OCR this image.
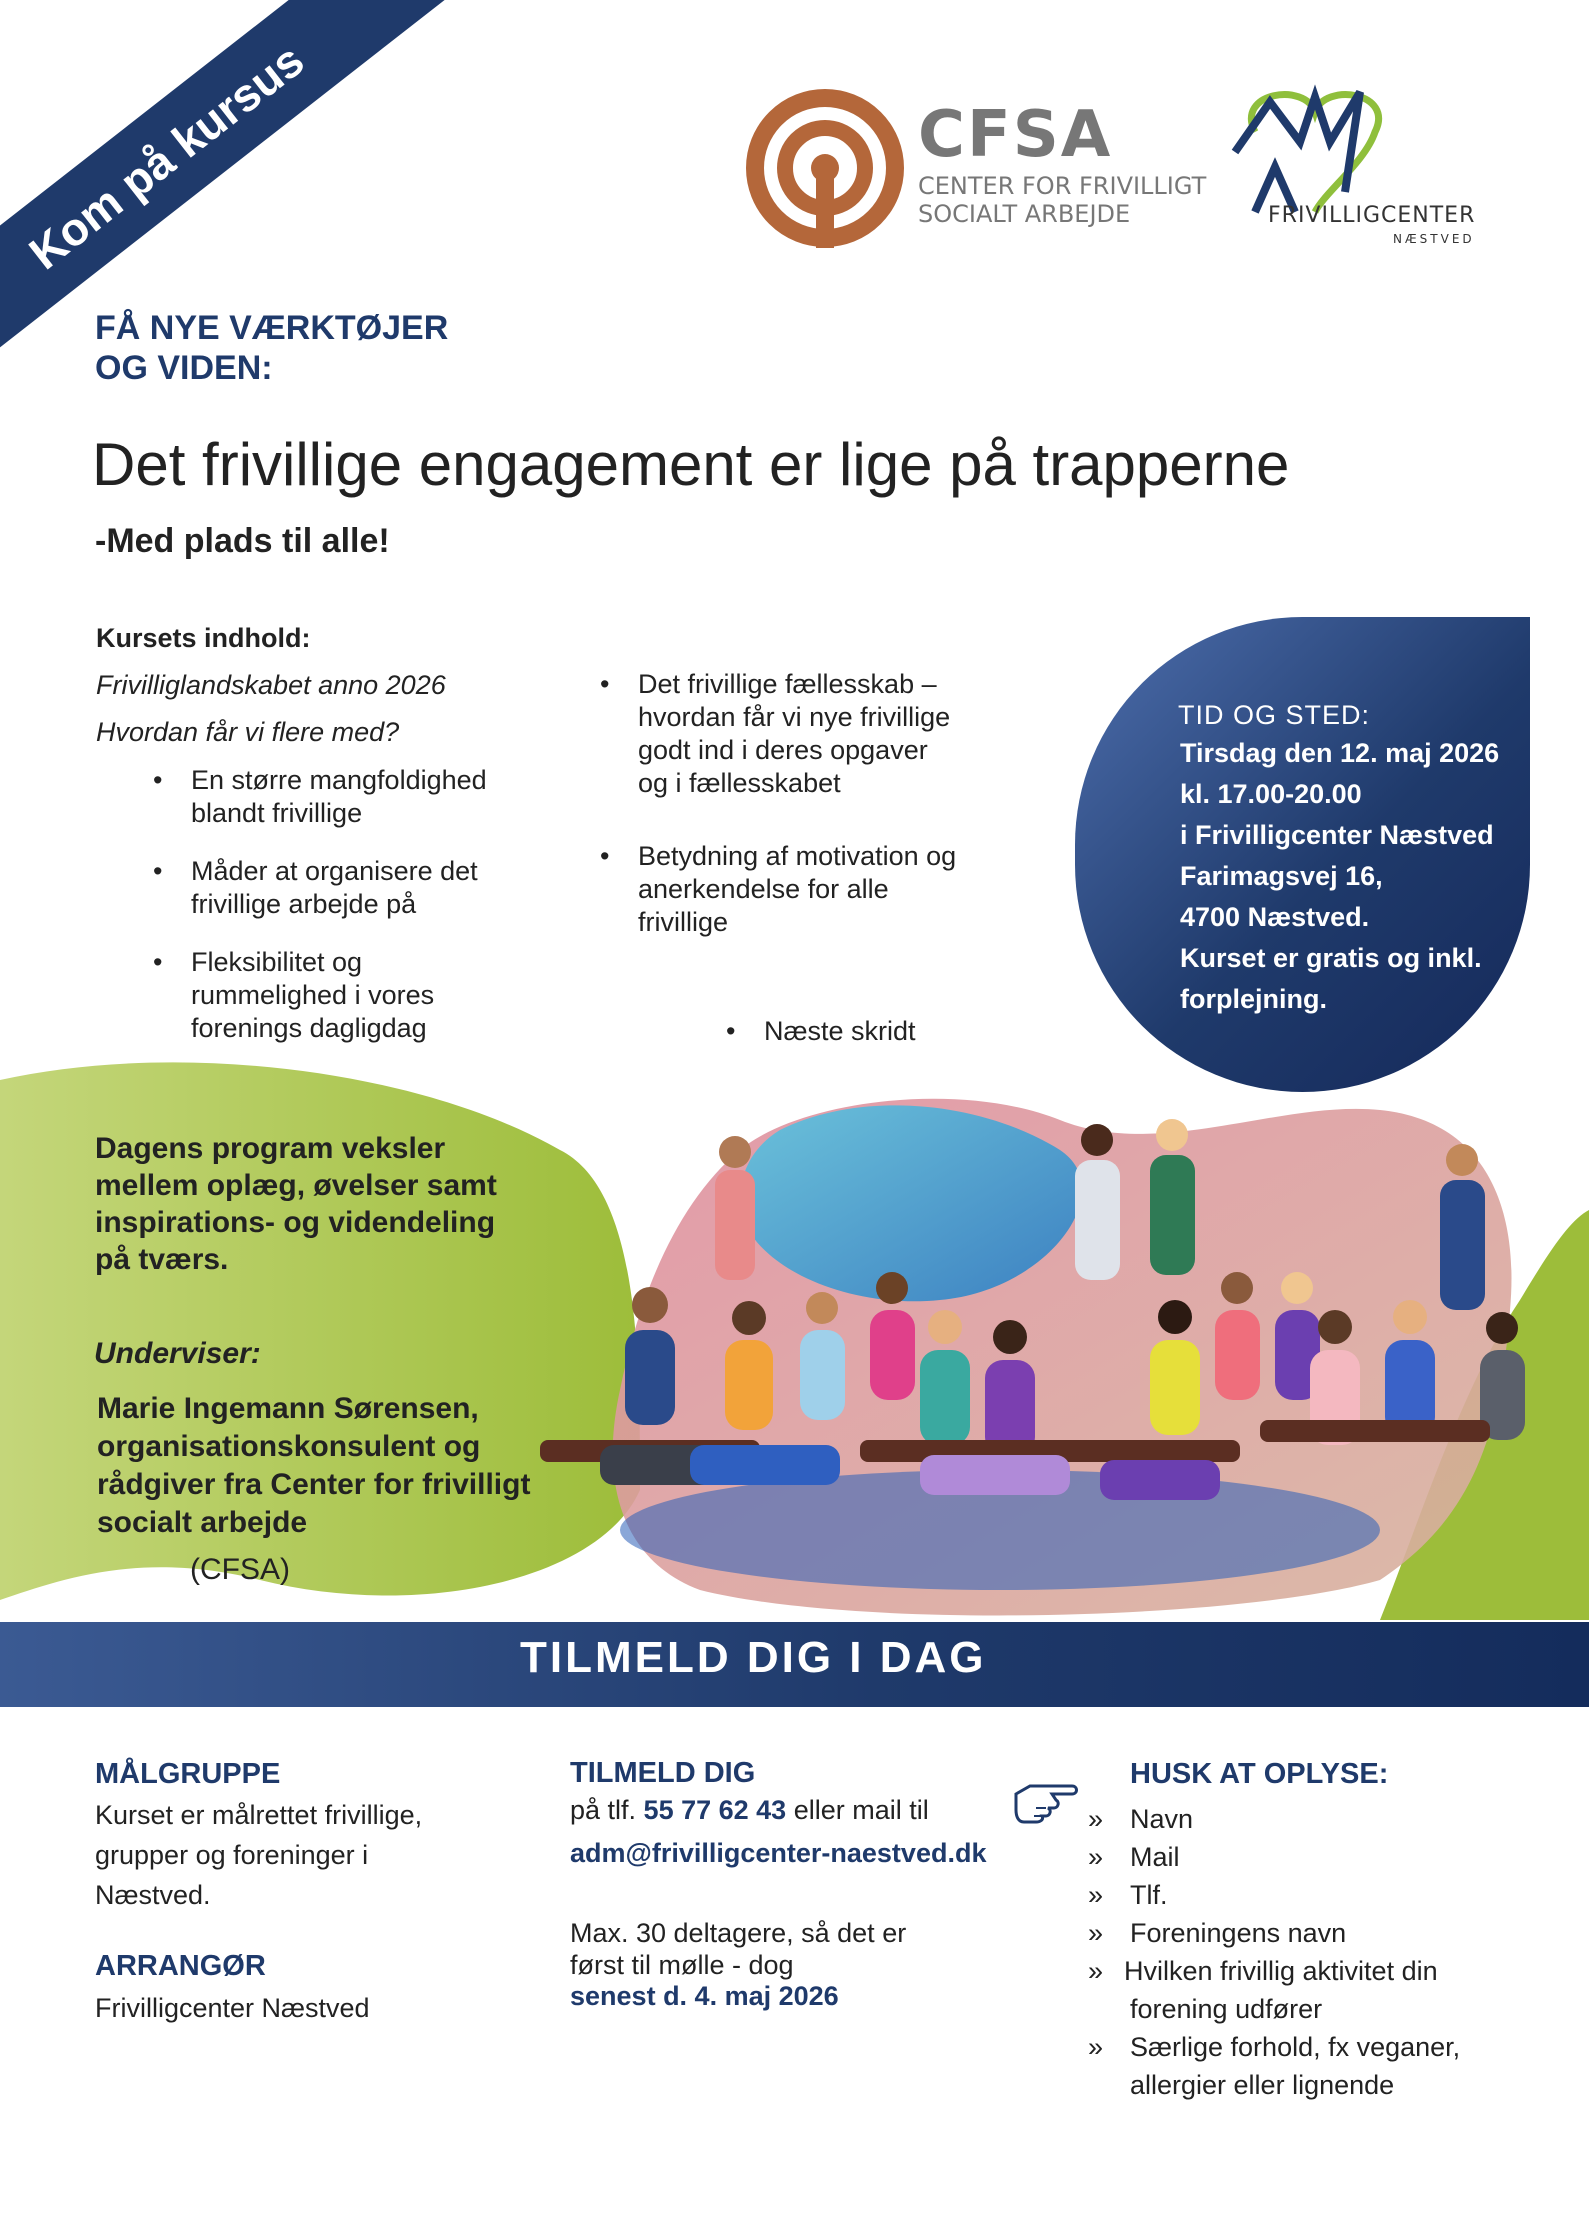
Kom på kursus	CFSA
CENTER FOR FRIVILLIGT
SOCIALT ARBEJDE	FRIVILLIGCENTER
NÆSTVED
FÅ NYE VÆRKTØJER
OG VIDEN:
Det frivillige engagement er lige på trapperne
-Med plads til alle!
Kursets indhold:
Frivilliglandskabet anno 2026
Hvordan får vi flere med?
• En større mangfoldighed blandt frivillige
• Måder at organisere det frivillige arbejde på
• Fleksibilitet og rummelighed i vores forenings dagligdag
• Det frivillige fællesskab – hvordan får vi nye frivillige godt ind i deres opgaver og i fællesskabet
• Betydning af motivation og anerkendelse for alle frivillige
• Næste skridt
TID OG STED:
Tirsdag den 12. maj 2026
kl. 17.00-20.00
i Frivilligcenter Næstved
Farimagsvej 16,
4700 Næstved.
Kurset er gratis og inkl.
forplejning.
Dagens program veksler mellem oplæg, øvelser samt inspirations- og videndeling på tværs.
Underviser:
Marie Ingemann Sørensen, organisationskonsulent og rådgiver fra Center for frivilligt socialt arbejde
(CFSA)
TILMELD DIG I DAG
MÅLGRUPPE
Kurset er målrettet frivillige,
grupper og foreninger i
Næstved.
ARRANGØR
Frivilligcenter Næstved
TILMELD DIG
på tlf. 55 77 62 43 eller mail til
adm@frivilligcenter-naestved.dk
Max. 30 deltagere, så det er
først til mølle - dog
senest d. 4. maj 2026
HUSK AT OPLYSE:
» Navn
» Mail
» Tlf.
» Foreningens navn
» Hvilken frivillig aktivitet din
forening udfører
» Særlige forhold, fx veganer,
allergier eller lignende
